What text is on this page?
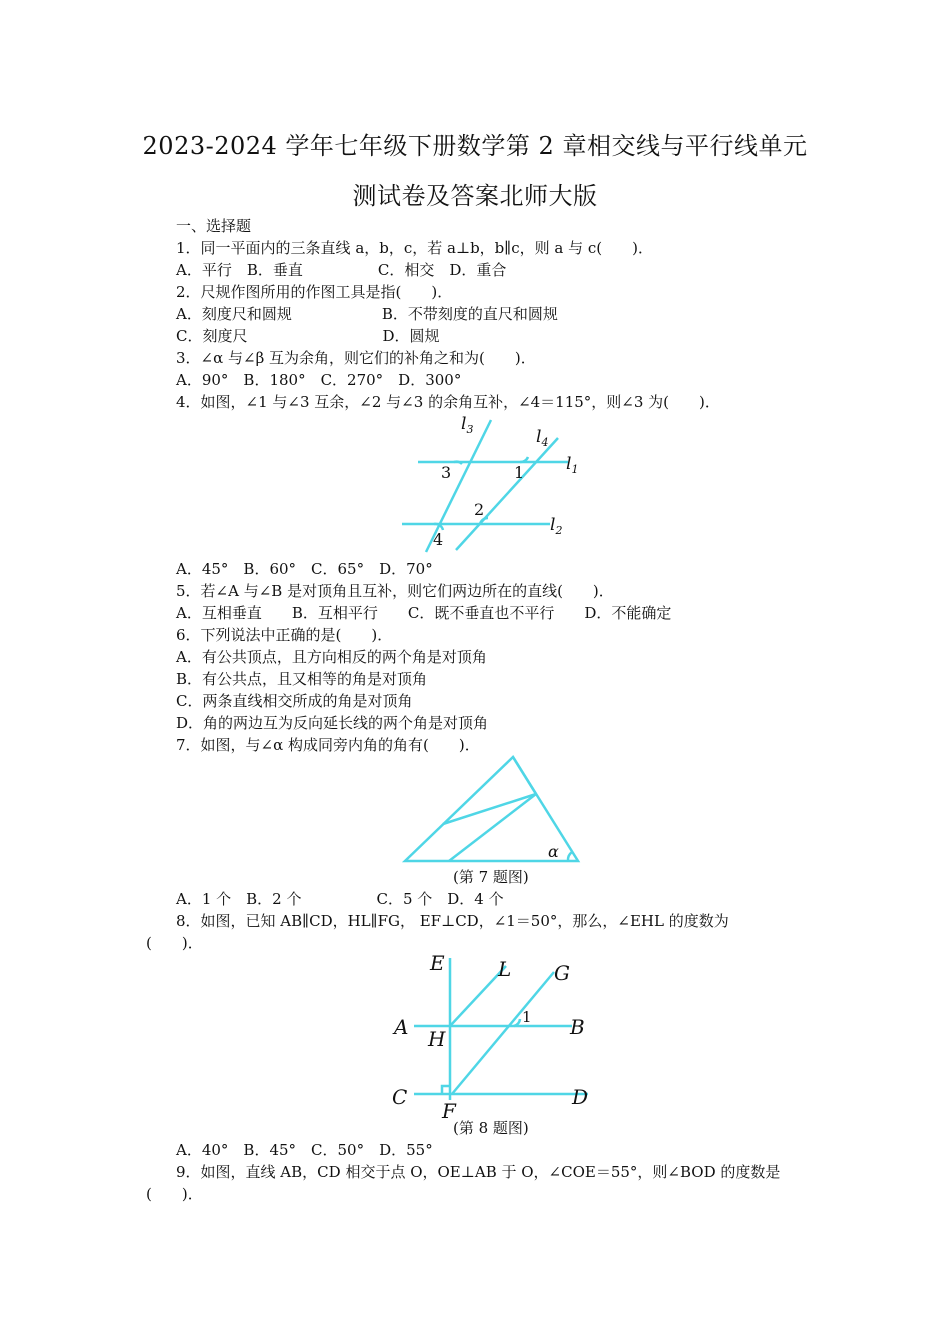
2023-2024 学年七年级下册数学第 2 章相交线与平行线单元
测试卷及答案北师大版
一、选择题
1．同一平面内的三条直线 a，b，c，若 a⊥b，b∥c，则 a 与 c(　　)．
A．平行　B．垂直　　　　　C．相交　D．重合
2．尺规作图所用的作图工具是指(　　)．
A．刻度尺和圆规　　　　　　B．不带刻度的直尺和圆规
C．刻度尺　　　　　　　　　D．圆规
3．∠α 与∠β 互为余角，则它们的补角之和为(　　)．
A．90°　B．180°　C．270°　D．300°
4．如图，∠1 与∠3 互余，∠2 与∠3 的余角互补，∠4＝115°，则∠3 为(　　)．
$l_3$	$l_4$
$l_1$
$l_2$
1
2
3
4
A．45°　B．60°　C．65°　D．70°
5．若∠A 与∠B 是对顶角且互补，则它们两边所在的直线(　　)．
A．互相垂直　　B．互相平行　　C．既不垂直也不平行　　D．不能确定
6．下列说法中正确的是(　　)．
A．有公共顶点，且方向相反的两个角是对顶角
B．有公共点，且又相等的角是对顶角
C．两条直线相交所成的角是对顶角
D．角的两边互为反向延长线的两个角是对顶角
7．如图，与∠α 构成同旁内角的角有(　　)．
α
(第 7 题图)
A．1 个　B．2 个　　　　　C．5 个　D．4 个
8．如图，已知 AB∥CD，HL∥FG， EF⊥CD，∠1＝50°，那么，∠EHL 的度数为
(　　)．
E	L G
A H	B
C
F
D
1
(第 8 题图)
A．40°　B．45°　C．50°　D．55°
9．如图，直线 AB，CD 相交于点 O，OE⊥AB 于 O，∠COE＝55°，则∠BOD 的度数是
(　　)．
